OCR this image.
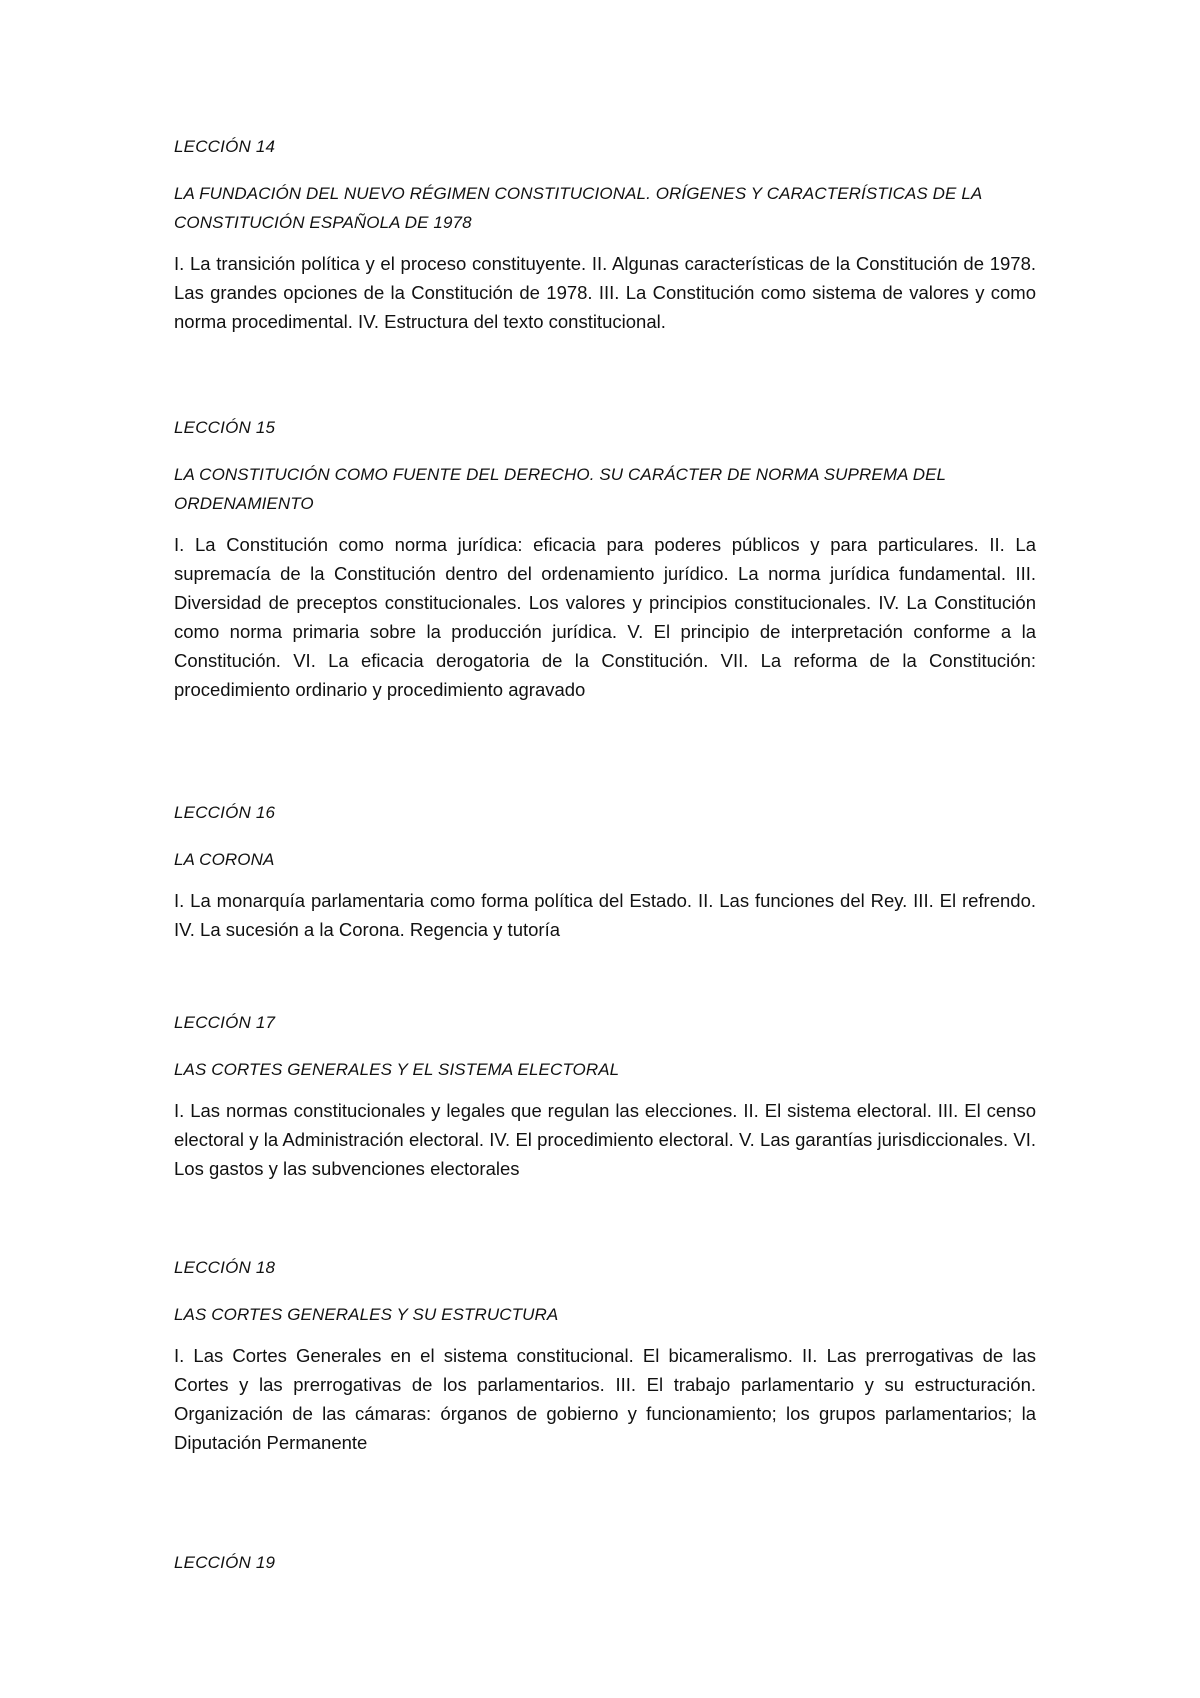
LECCIÓN 14

LA FUNDACIÓN DEL NUEVO RÉGIMEN CONSTITUCIONAL. ORÍGENES Y CARACTERÍSTICAS DE LA CONSTITUCIÓN ESPAÑOLA DE 1978

I. La transición política y el proceso constituyente. II. Algunas características de la Constitución de 1978. Las grandes opciones de la Constitución de 1978. III. La Constitución como sistema de valores y como norma procedimental. IV. Estructura del texto constitucional.

LECCIÓN 15

LA CONSTITUCIÓN COMO FUENTE DEL DERECHO. SU CARÁCTER DE NORMA SUPREMA DEL ORDENAMIENTO

I. La Constitución como norma jurídica: eficacia para poderes públicos y para particulares. II. La supremacía de la Constitución dentro del ordenamiento jurídico. La norma jurídica fundamental. III. Diversidad de preceptos constitucionales. Los valores y principios constitucionales. IV. La Constitución como norma primaria sobre la producción jurídica. V. El principio de interpretación conforme a la Constitución. VI. La eficacia derogatoria de la Constitución. VII. La reforma de la Constitución: procedimiento ordinario y procedimiento agravado

LECCIÓN 16

LA CORONA

I. La monarquía parlamentaria como forma política del Estado. II. Las funciones del Rey. III. El refrendo. IV. La sucesión a la Corona. Regencia y tutoría

LECCIÓN 17

LAS CORTES GENERALES Y EL SISTEMA ELECTORAL

I. Las normas constitucionales y legales que regulan las elecciones. II. El sistema electoral. III. El censo electoral y la Administración electoral. IV. El procedimiento electoral. V. Las garantías jurisdiccionales. VI. Los gastos y las subvenciones electorales

LECCIÓN 18

LAS CORTES GENERALES Y SU ESTRUCTURA

I. Las Cortes Generales en el sistema constitucional. El bicameralismo. II. Las prerrogativas de las Cortes y las prerrogativas de los parlamentarios. III. El trabajo parlamentario y su estructuración. Organización de las cámaras: órganos de gobierno y funcionamiento; los grupos parlamentarios; la Diputación Permanente

LECCIÓN 19
